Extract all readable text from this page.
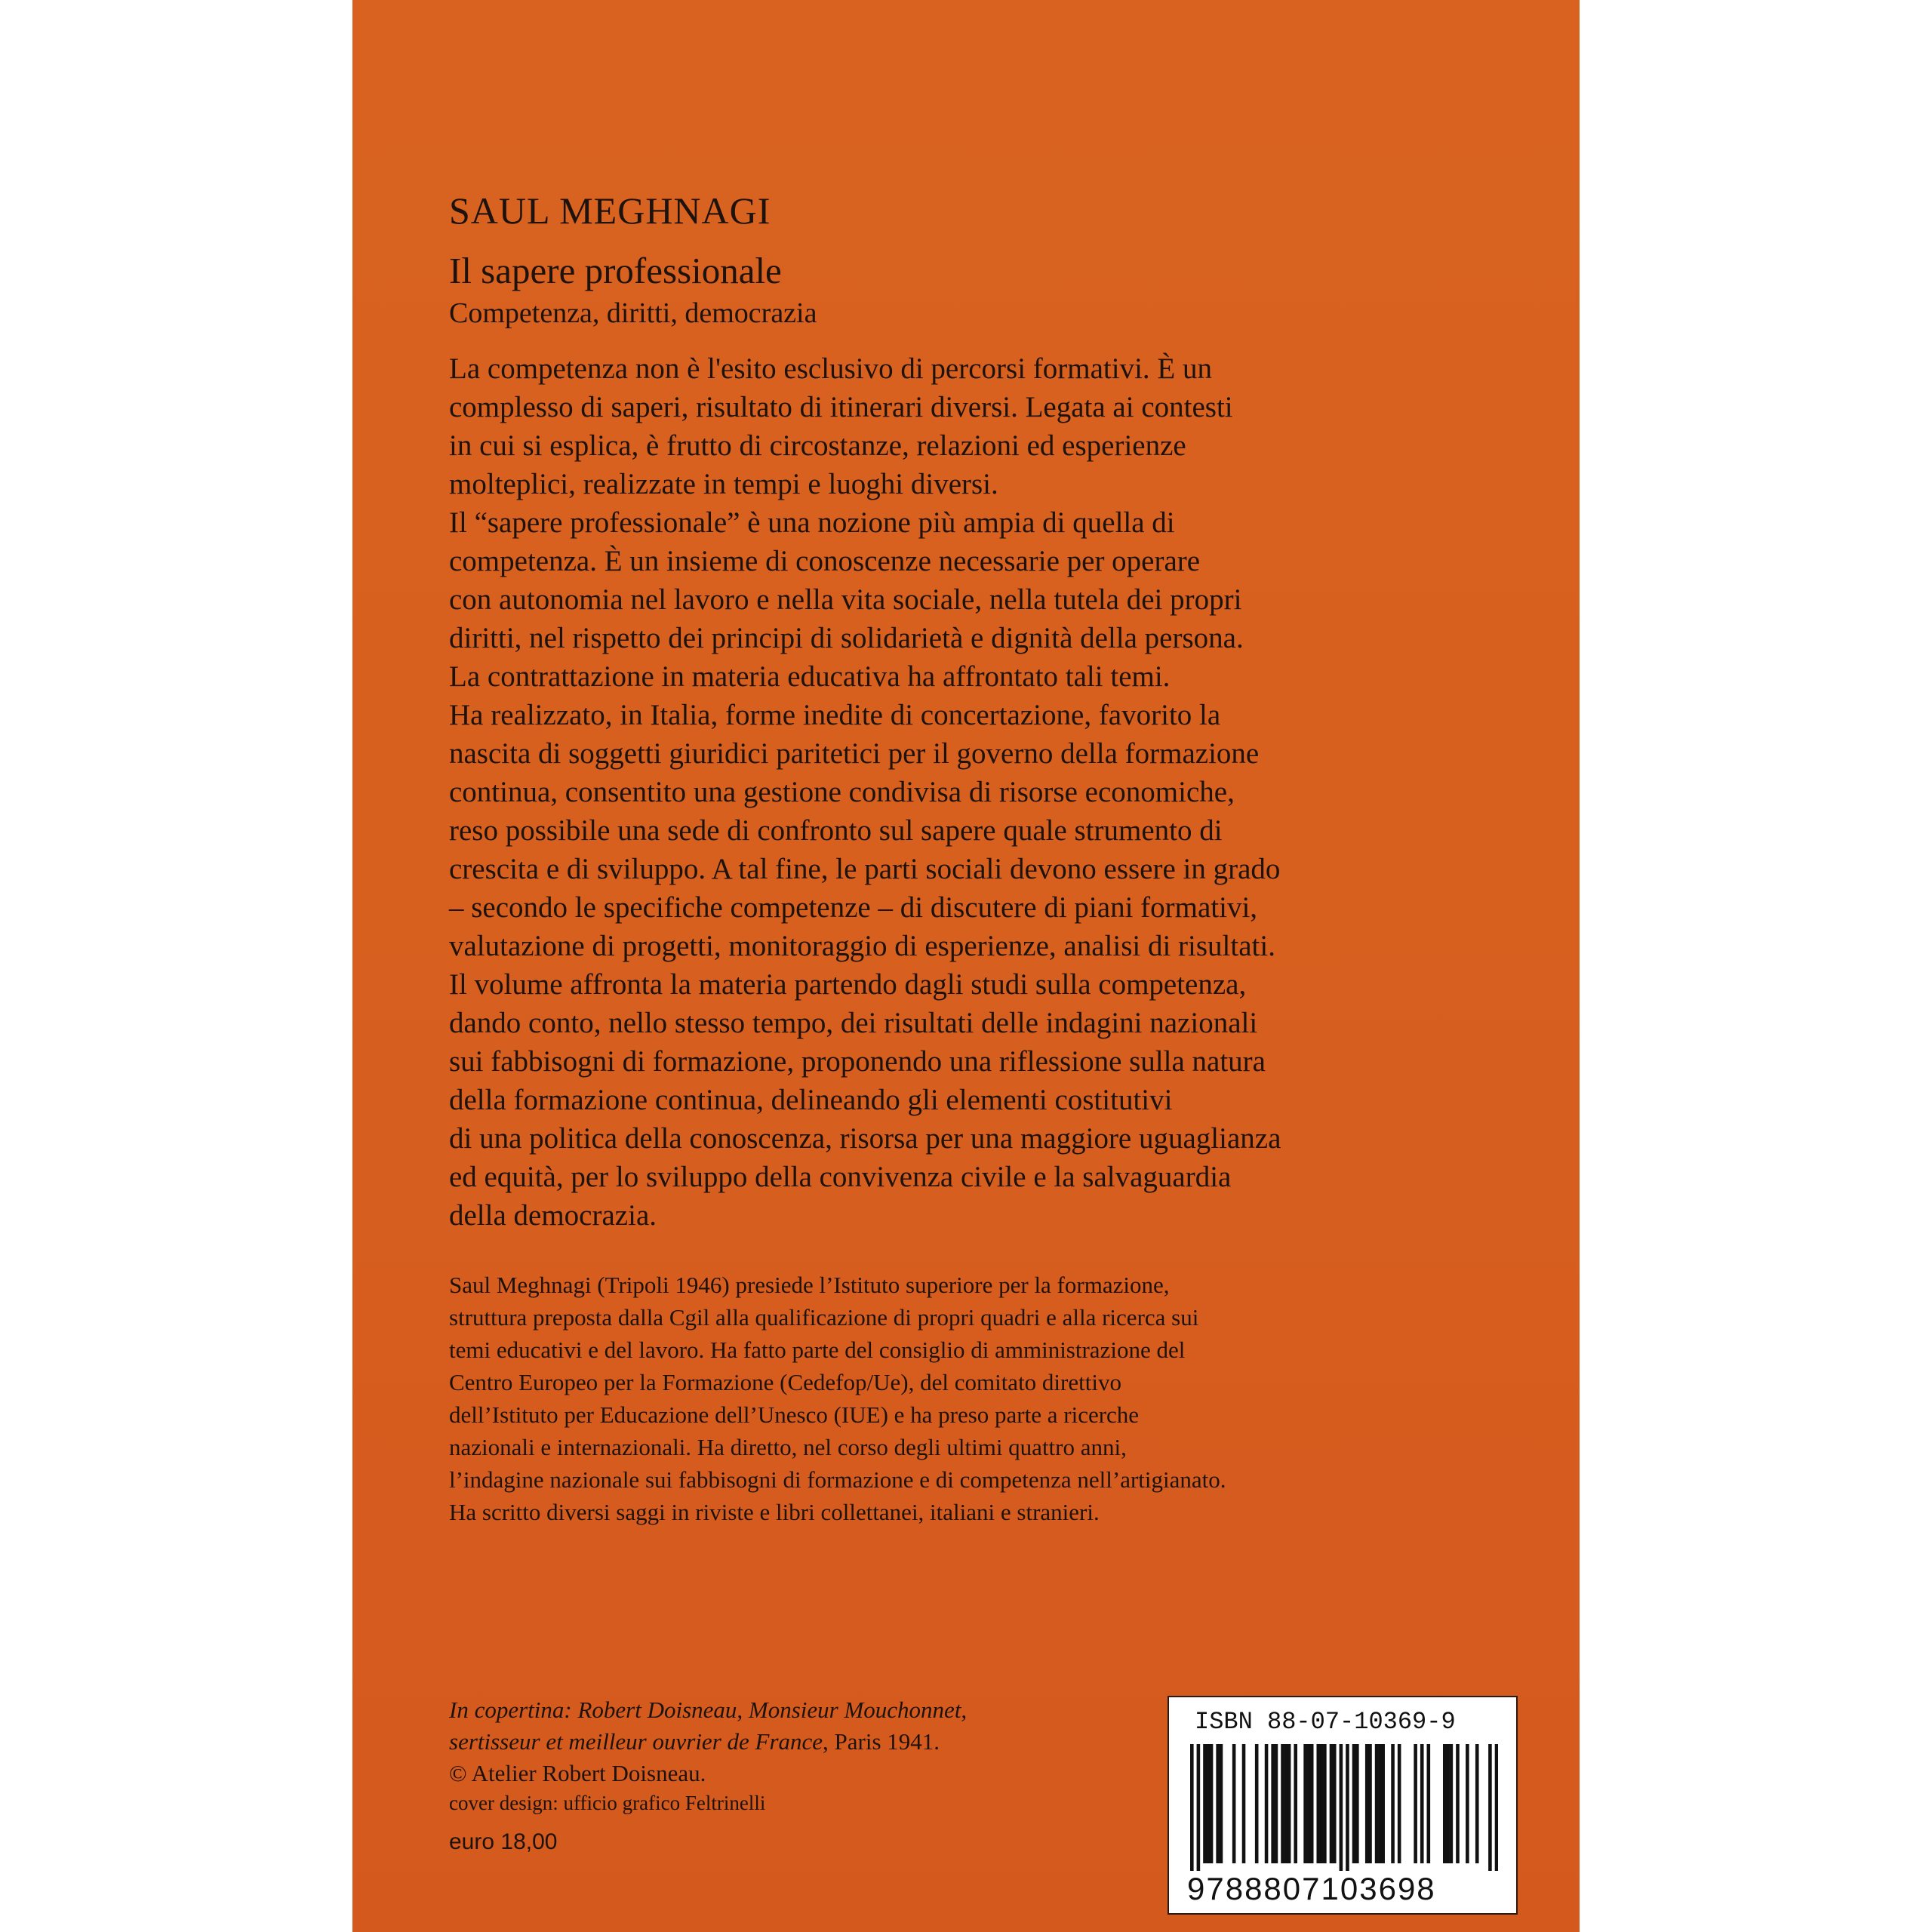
SAUL MEGHNAGI
Il sapere professionale
Competenza, diritti, democrazia
La competenza non è l'esito esclusivo di percorsi formativi. È un
complesso di saperi, risultato di itinerari diversi. Legata ai contesti
in cui si esplica, è frutto di circostanze, relazioni ed esperienze
molteplici, realizzate in tempi e luoghi diversi.
Il “sapere professionale” è una nozione più ampia di quella di
competenza. È un insieme di conoscenze necessarie per operare
con autonomia nel lavoro e nella vita sociale, nella tutela dei propri
diritti, nel rispetto dei principi di solidarietà e dignità della persona.
La contrattazione in materia educativa ha affrontato tali temi.
Ha realizzato, in Italia, forme inedite di concertazione, favorito la
nascita di soggetti giuridici paritetici per il governo della formazione
continua, consentito una gestione condivisa di risorse economiche,
reso possibile una sede di confronto sul sapere quale strumento di
crescita e di sviluppo. A tal fine, le parti sociali devono essere in grado
– secondo le specifiche competenze – di discutere di piani formativi,
valutazione di progetti, monitoraggio di esperienze, analisi di risultati.
Il volume affronta la materia partendo dagli studi sulla competenza,
dando conto, nello stesso tempo, dei risultati delle indagini nazionali
sui fabbisogni di formazione, proponendo una riflessione sulla natura
della formazione continua, delineando gli elementi costitutivi
di una politica della conoscenza, risorsa per una maggiore uguaglianza
ed equità, per lo sviluppo della convivenza civile e la salvaguardia
della democrazia.
Saul Meghnagi (Tripoli 1946) presiede l’Istituto superiore per la formazione,
struttura preposta dalla Cgil alla qualificazione di propri quadri e alla ricerca sui
temi educativi e del lavoro. Ha fatto parte del consiglio di amministrazione del
Centro Europeo per la Formazione (Cedefop/Ue), del comitato direttivo
dell’Istituto per Educazione dell’Unesco (IUE) e ha preso parte a ricerche
nazionali e internazionali. Ha diretto, nel corso degli ultimi quattro anni,
l’indagine nazionale sui fabbisogni di formazione e di competenza nell’artigianato.
Ha scritto diversi saggi in riviste e libri collettanei, italiani e stranieri.
In copertina: Robert Doisneau, Monsieur Mouchonnet,
sertisseur et meilleur ouvrier de France, Paris 1941.
© Atelier Robert Doisneau.
cover design: ufficio grafico Feltrinelli
euro 18,00
ISBN 88-07-10369-9
9788807103698
